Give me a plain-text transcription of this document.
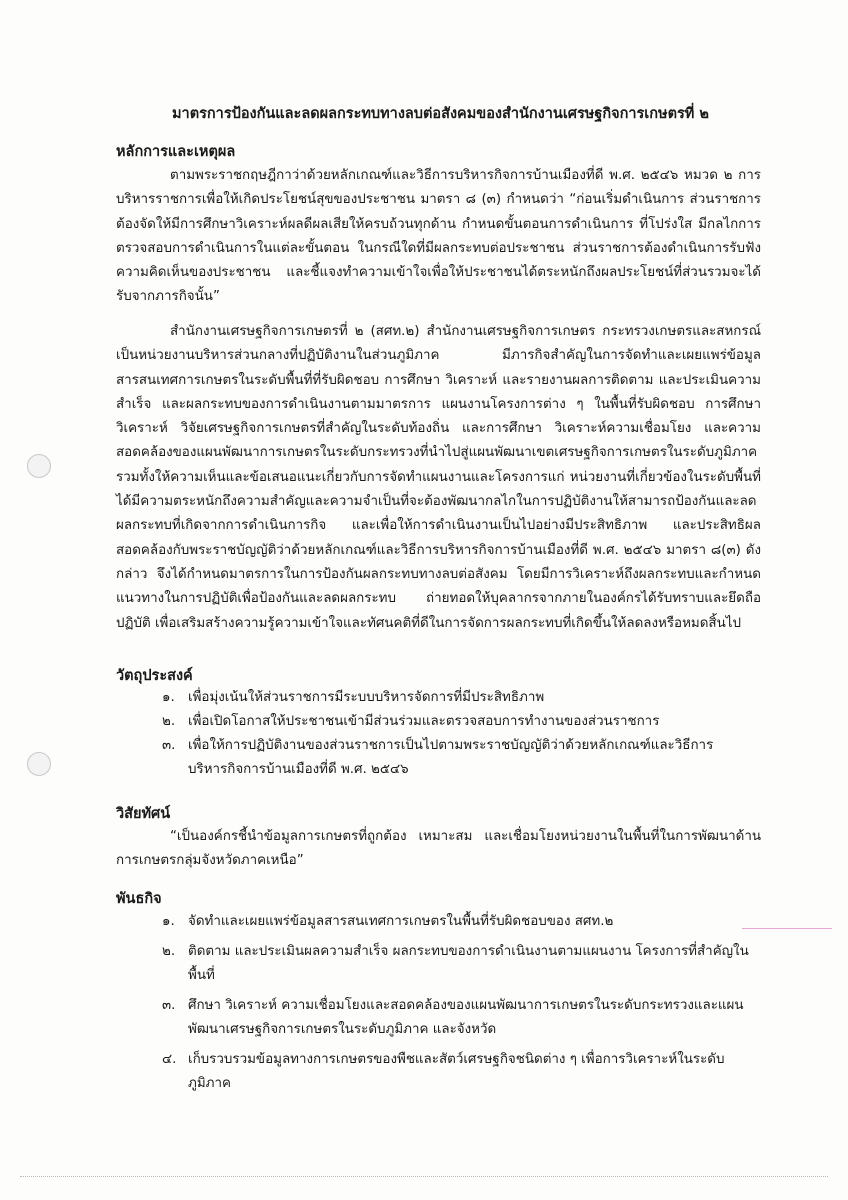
มาตรการป้องกันและลดผลกระทบทางลบต่อสังคมของสำนักงานเศรษฐกิจการเกษตรที่ ๒
หลักการและเหตุผล

ตามพระราชกฤษฎีกาว่าด้วยหลักเกณฑ์และวิธีการบริหารกิจการบ้านเมืองที่ดี พ.ศ. ๒๕๔๖ หมวด ๒ การบริหารราชการเพื่อให้เกิดประโยชน์สุขของประชาชน มาตรา ๘ (๓) กำหนดว่า “ก่อนเริ่มดำเนินการ ส่วนราชการต้องจัดให้มีการศึกษาวิเคราะห์ผลดีผลเสียให้ครบถ้วนทุกด้าน กำหนดขั้นตอนการดำเนินการ ที่โปร่งใส มีกลไกการตรวจสอบการดำเนินการในแต่ละขั้นตอน ในกรณีใดที่มีผลกระทบต่อประชาชน ส่วนราชการต้องดำเนินการรับฟังความคิดเห็นของประชาชน และชี้แจงทำความเข้าใจเพื่อให้ประชาชนได้ตระหนักถึงผลประโยชน์ที่ส่วนรวมจะได้รับจากภารกิจนั้น”

สำนักงานเศรษฐกิจการเกษตรที่ ๒ (สศท.๒) สำนักงานเศรษฐกิจการเกษตร กระทรวงเกษตรและสหกรณ์ เป็นหน่วยงานบริหารส่วนกลางที่ปฏิบัติงานในส่วนภูมิภาค มีภารกิจสำคัญในการจัดทำและเผยแพร่ข้อมูลสารสนเทศการเกษตรในระดับพื้นที่ที่รับผิดชอบ การศึกษา วิเคราะห์ และรายงานผลการติดตาม และประเมินความสำเร็จ และผลกระทบของการดำเนินงานตามมาตรการ แผนงานโครงการต่าง ๆ ในพื้นที่รับผิดชอบ การศึกษา วิเคราะห์ วิจัยเศรษฐกิจการเกษตรที่สำคัญในระดับท้องถิ่น และการศึกษา วิเคราะห์ความเชื่อมโยง และความสอดคล้องของแผนพัฒนาการเกษตรในระดับกระทรวงที่นำไปสู่แผนพัฒนาเขตเศรษฐกิจการเกษตรในระดับภูมิภาครวมทั้งให้ความเห็นและข้อเสนอแนะเกี่ยวกับการจัดทำแผนงานและโครงการแก่ หน่วยงานที่เกี่ยวข้องในระดับพื้นที่ ได้มีความตระหนักถึงความสำคัญและความจำเป็นที่จะต้องพัฒนากลไกในการปฏิบัติงานให้สามารถป้องกันและลดผลกระทบที่เกิดจากการดำเนินการกิจ และเพื่อให้การดำเนินงานเป็นไปอย่างมีประสิทธิภาพ และประสิทธิผลสอดคล้องกับพระราชบัญญัติว่าด้วยหลักเกณฑ์และวิธีการบริหารกิจการบ้านเมืองที่ดี พ.ศ. ๒๕๔๖ มาตรา ๘(๓) ดังกล่าว จึงได้กำหนดมาตรการในการป้องกันผลกระทบทางลบต่อสังคม โดยมีการวิเคราะห์ถึงผลกระทบและกำหนดแนวทางในการปฏิบัติเพื่อป้องกันและลดผลกระทบ ถ่ายทอดให้บุคลากรจากภายในองค์กรได้รับทราบและยึดถือปฏิบัติ เพื่อเสริมสร้างความรู้ความเข้าใจและทัศนคติที่ดีในการจัดการผลกระทบที่เกิดขึ้นให้ลดลงหรือหมดสิ้นไป

วัตถุประสงค์
๑. เพื่อมุ่งเน้นให้ส่วนราชการมีระบบบริหารจัดการที่มีประสิทธิภาพ
๒. เพื่อเปิดโอกาสให้ประชาชนเข้ามีส่วนร่วมและตรวจสอบการทำงานของส่วนราชการ
๓. เพื่อให้การปฏิบัติงานของส่วนราชการเป็นไปตามพระราชบัญญัติว่าด้วยหลักเกณฑ์และวิธีการบริหารกิจการบ้านเมืองที่ดี พ.ศ. ๒๕๔๖
วิสัยทัศน์

“เป็นองค์กรชี้นำข้อมูลการเกษตรที่ถูกต้อง เหมาะสม และเชื่อมโยงหน่วยงานในพื้นที่ในการพัฒนาด้านการเกษตรกลุ่มจังหวัดภาคเหนือ”

พันธกิจ
๑. จัดทำและเผยแพร่ข้อมูลสารสนเทศการเกษตรในพื้นที่รับผิดชอบของ สศท.๒
๒. ติดตาม และประเมินผลความสำเร็จ ผลกระทบของการดำเนินงานตามแผนงาน โครงการที่สำคัญในพื้นที่
๓. ศึกษา วิเคราะห์ ความเชื่อมโยงและสอดคล้องของแผนพัฒนาการเกษตรในระดับกระทรวงและแผนพัฒนาเศรษฐกิจการเกษตรในระดับภูมิภาค และจังหวัด
๔. เก็บรวบรวมข้อมูลทางการเกษตรของพืชและสัตว์เศรษฐกิจชนิดต่าง ๆ เพื่อการวิเคราะห์ในระดับภูมิภาค
